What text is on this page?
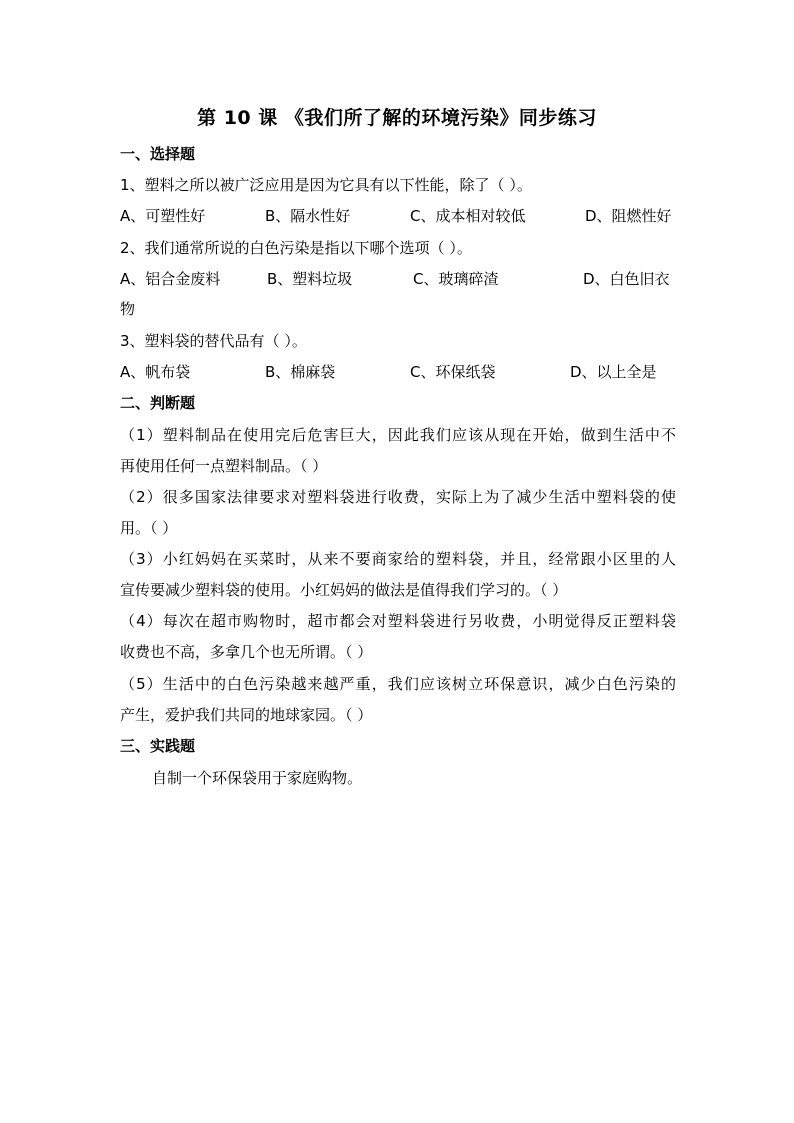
第 10 课 《我们所了解的环境污染》同步练习
一、选择题
1、塑料之所以被广泛应用是因为它具有以下性能，除了（ ）。
A、可塑性好	B、隔水性好	C、成本相对较低	D、阻燃性好
2、我们通常所说的白色污染是指以下哪个选项（ ）。
A、铝合金废料	B、塑料垃圾	C、玻璃碎渣	D、白色旧衣
物
3、塑料袋的替代品有（ ）。
A、帆布袋	B、棉麻袋	C、环保纸袋	D、以上全是
二、判断题
（1）塑料制品在使用完后危害巨大，因此我们应该从现在开始，做到生活中不
再使用任何一点塑料制品。（ ）
（2）很多国家法律要求对塑料袋进行收费，实际上为了减少生活中塑料袋的使
用。（ ）
（3）小红妈妈在买菜时，从来不要商家给的塑料袋，并且，经常跟小区里的人
宣传要减少塑料袋的使用。小红妈妈的做法是值得我们学习的。（ ）
（4）每次在超市购物时，超市都会对塑料袋进行另收费，小明觉得反正塑料袋
收费也不高，多拿几个也无所谓。（ ）
（5）生活中的白色污染越来越严重，我们应该树立环保意识，减少白色污染的
产生，爱护我们共同的地球家园。（ ）
三、实践题
自制一个环保袋用于家庭购物。
